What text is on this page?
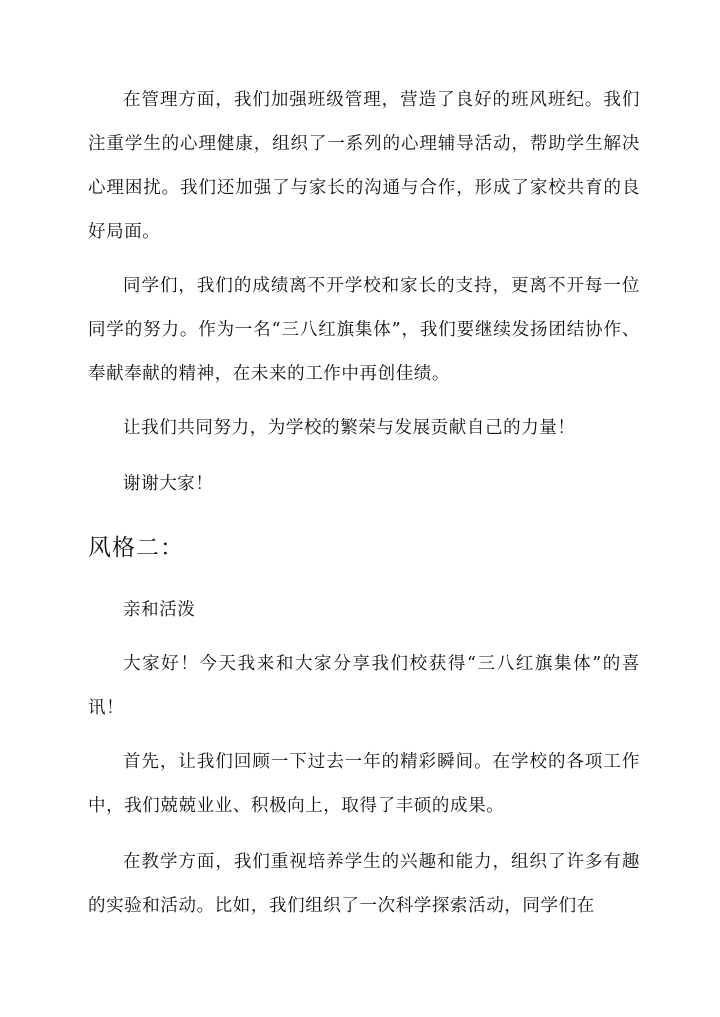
在管理方面，我们加强班级管理，营造了良好的班风班纪。我们注重学生的心理健康，组织了一系列的心理辅导活动，帮助学生解决心理困扰。我们还加强了与家长的沟通与合作，形成了家校共育的良好局面。

同学们，我们的成绩离不开学校和家长的支持，更离不开每一位同学的努力。作为一名“三八红旗集体”，我们要继续发扬团结协作、奉献奉献的精神，在未来的工作中再创佳绩。

让我们共同努力，为学校的繁荣与发展贡献自己的力量！

谢谢大家！

风格二：

亲和活泼

大家好！今天我来和大家分享我们校获得“三八红旗集体”的喜讯！

首先，让我们回顾一下过去一年的精彩瞬间。在学校的各项工作中，我们兢兢业业、积极向上，取得了丰硕的成果。

在教学方面，我们重视培养学生的兴趣和能力，组织了许多有趣的实验和活动。比如，我们组织了一次科学探索活动，同学们在
